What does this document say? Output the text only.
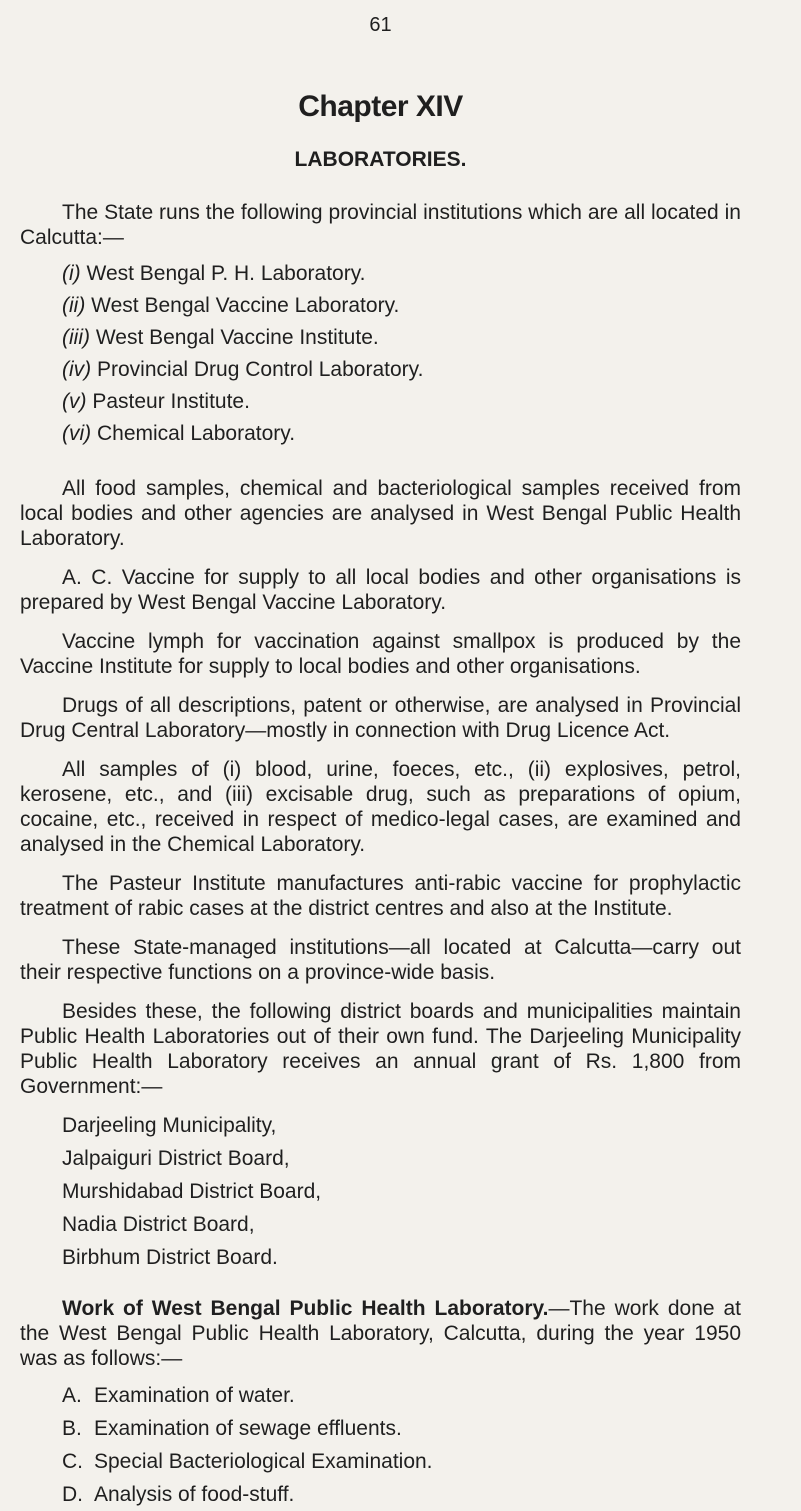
61
Chapter XIV
LABORATORIES.

The State runs the following provincial institutions which are all located in Calcutta:—

(i) West Bengal P. H. Laboratory.
(ii) West Bengal Vaccine Laboratory.
(iii) West Bengal Vaccine Institute.
(iv) Provincial Drug Control Laboratory.
(v) Pasteur Institute.
(vi) Chemical Laboratory.

All food samples, chemical and bacteriological samples received from local bodies and other agencies are analysed in West Bengal Public Health Laboratory.

A. C. Vaccine for supply to all local bodies and other organisations is prepared by West Bengal Vaccine Laboratory.

Vaccine lymph for vaccination against smallpox is produced by the Vaccine Institute for supply to local bodies and other organisations.

Drugs of all descriptions, patent or otherwise, are analysed in Provincial Drug Central Laboratory—mostly in connection with Drug Licence Act.

All samples of (i) blood, urine, foeces, etc., (ii) explosives, petrol, kerosene, etc., and (iii) excisable drug, such as preparations of opium, cocaine, etc., received in respect of medico-legal cases, are examined and analysed in the Chemical Laboratory.

The Pasteur Institute manufactures anti-rabic vaccine for prophylactic treatment of rabic cases at the district centres and also at the Institute.

These State-managed institutions—all located at Calcutta—carry out their respective functions on a province-wide basis.

Besides these, the following district boards and municipalities maintain Public Health Laboratories out of their own fund. The Darjeeling Municipality Public Health Laboratory receives an annual grant of Rs. 1,800 from Government:—

Darjeeling Municipality,
Jalpaiguri District Board,
Murshidabad District Board,
Nadia District Board,
Birbhum District Board.

Work of West Bengal Public Health Laboratory.—The work done at the West Bengal Public Health Laboratory, Calcutta, during the year 1950 was as follows:—

A. Examination of water.
B. Examination of sewage effluents.
C. Special Bacteriological Examination.
D. Analysis of food-stuff.
